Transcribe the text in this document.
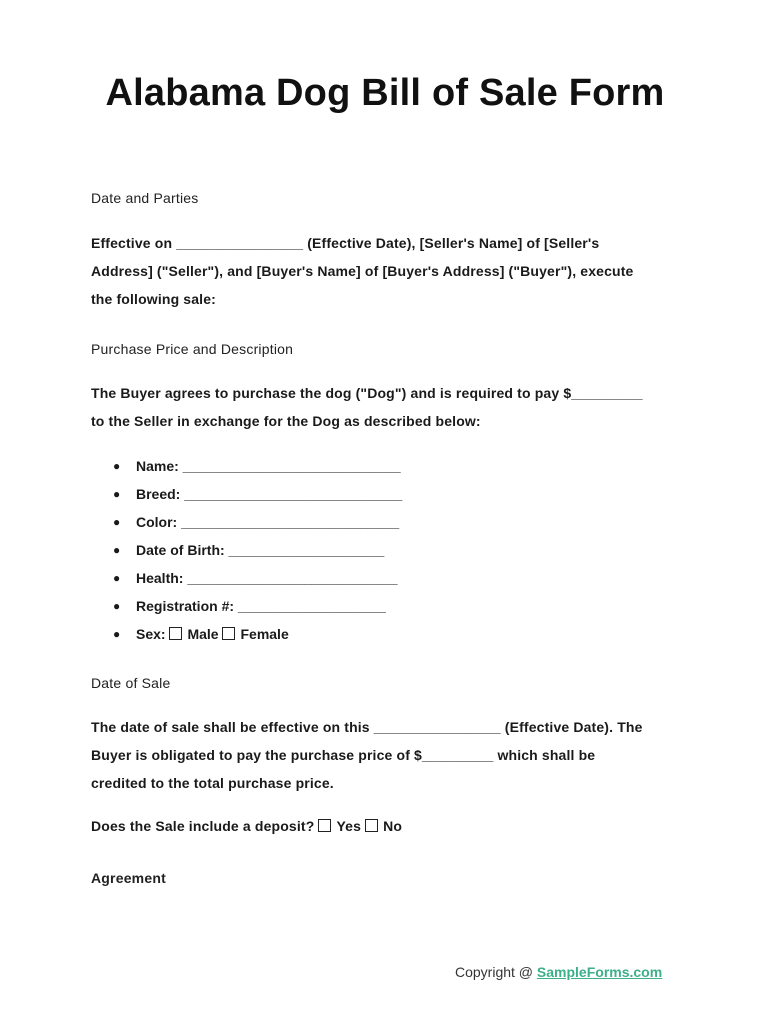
Alabama Dog Bill of Sale Form
Date and Parties

Effective on ________________ (Effective Date), [Seller's Name] of [Seller's
Address] ("Seller"), and [Buyer's Name] of [Buyer's Address] ("Buyer"), execute
the following sale:

Purchase Price and Description

The Buyer agrees to purchase the dog ("Dog") and is required to pay $_________
to the Seller in exchange for the Dog as described below:

● Name: ____________________________
● Breed: ____________________________
● Color: ____________________________
● Date of Birth: ____________________
● Health: ___________________________
● Registration #: ___________________
● Sex: Male Female
Date of Sale

The date of sale shall be effective on this ________________ (Effective Date). The
Buyer is obligated to pay the purchase price of $_________ which shall be
credited to the total purchase price.

Does the Sale include a deposit? Yes No

Agreement
Copyright @ SampleForms.com
